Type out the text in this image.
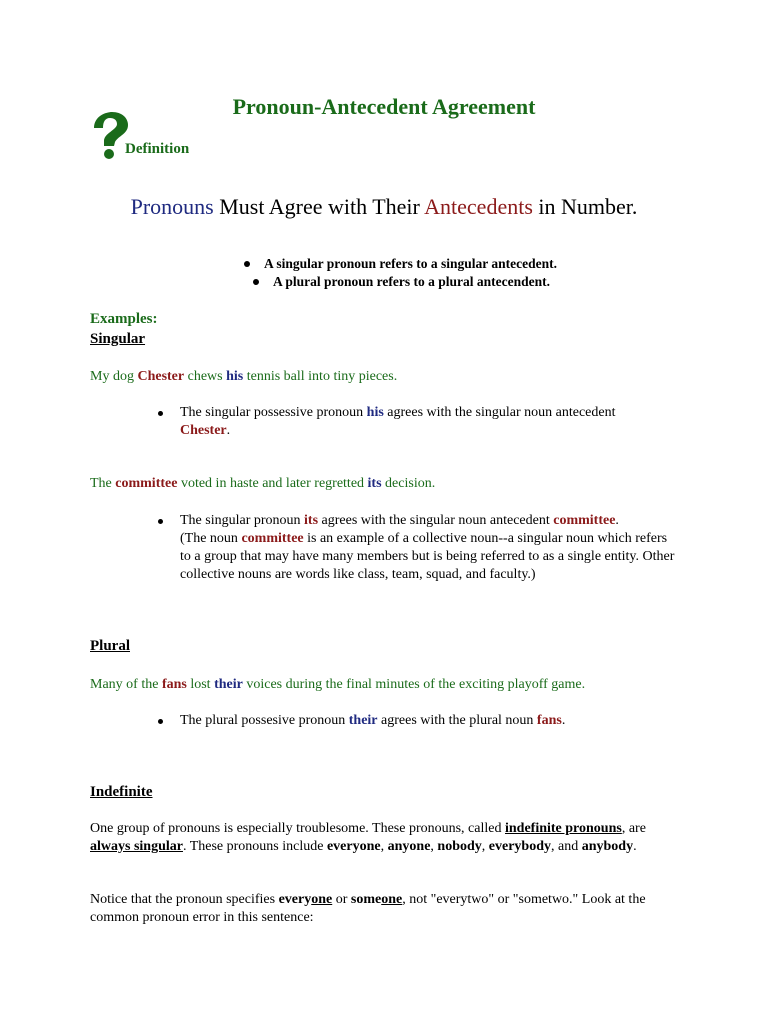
Pronoun-Antecedent Agreement
Definition
Pronouns Must Agree with Their Antecedents in Number.
A singular pronoun refers to a singular antecedent.
A plural pronoun refers to a plural antecendent.
Examples:
Singular
My dog Chester chews his tennis ball into tiny pieces.
The singular possessive pronoun his agrees with the singular noun antecedent Chester.
The committee voted in haste and later regretted its decision.
The singular pronoun its agrees with the singular noun antecedent committee.
(The noun committee is an example of a collective noun--a singular noun which refers to a group that may have many members but is being referred to as a single entity. Other collective nouns are words like class, team, squad, and faculty.)
Plural
Many of the fans lost their voices during the final minutes of the exciting playoff game.
The plural possesive pronoun their agrees with the plural noun fans.
Indefinite
One group of pronouns is especially troublesome. These pronouns, called indefinite pronouns, are always singular. These pronouns include everyone, anyone, nobody, everybody, and anybody.
Notice that the pronoun specifies everyone or someone, not "everytwo" or "sometwo." Look at the common pronoun error in this sentence:
